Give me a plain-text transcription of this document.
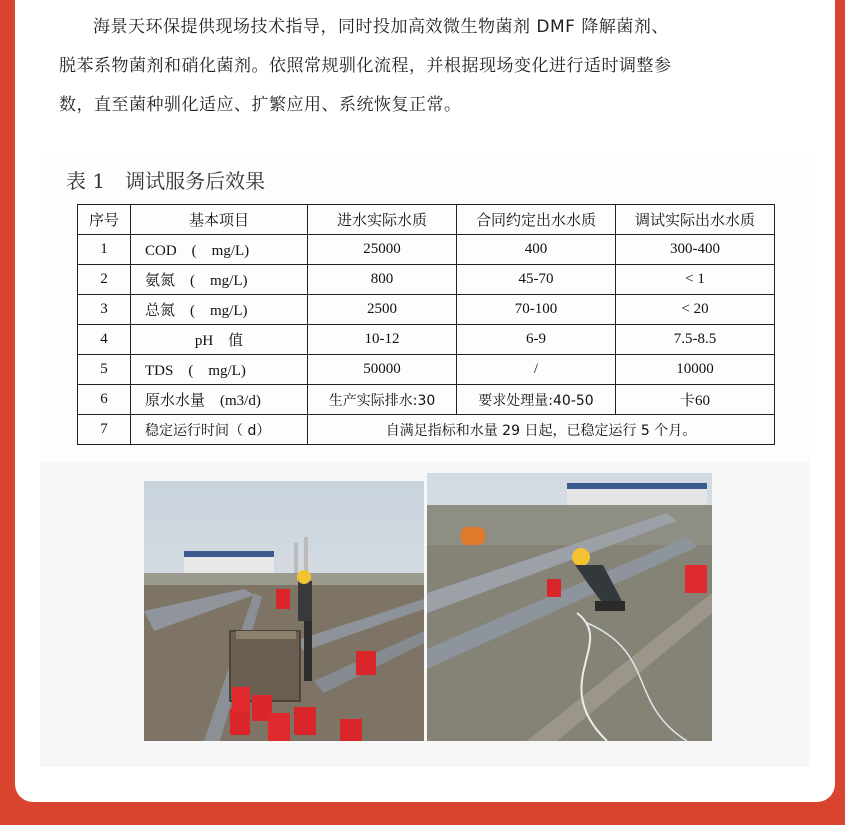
海景天环保提供现场技术指导，同时投加高效微生物菌剂 DMF 降解菌剂、
脱苯系物菌剂和硝化菌剂。依照常规驯化流程，并根据现场变化进行适时调整参
数，直至菌种驯化适应、扩繁应用、系统恢复正常。
表 1 调试服务后效果
序号	基本项目	进水实际水质	合同约定出水水质	调试实际出水水质
1	COD　(　mg/L)	25000	400	300-400
2	氨氮　(　mg/L)	800	45-70	< 1
3	总氮　(　mg/L)	2500	70-100	< 20
4	pH　值	10-12	6-9	7.5-8.5
5	TDS　(　mg/L)	50000	/	10000
6	原水水量　(m3/d)	生产实际排水:30	要求处理量:40-50	卡60
7	稳定运行时间（ d）	自满足指标和水量 29 日起，已稳定运行 5 个月。		
